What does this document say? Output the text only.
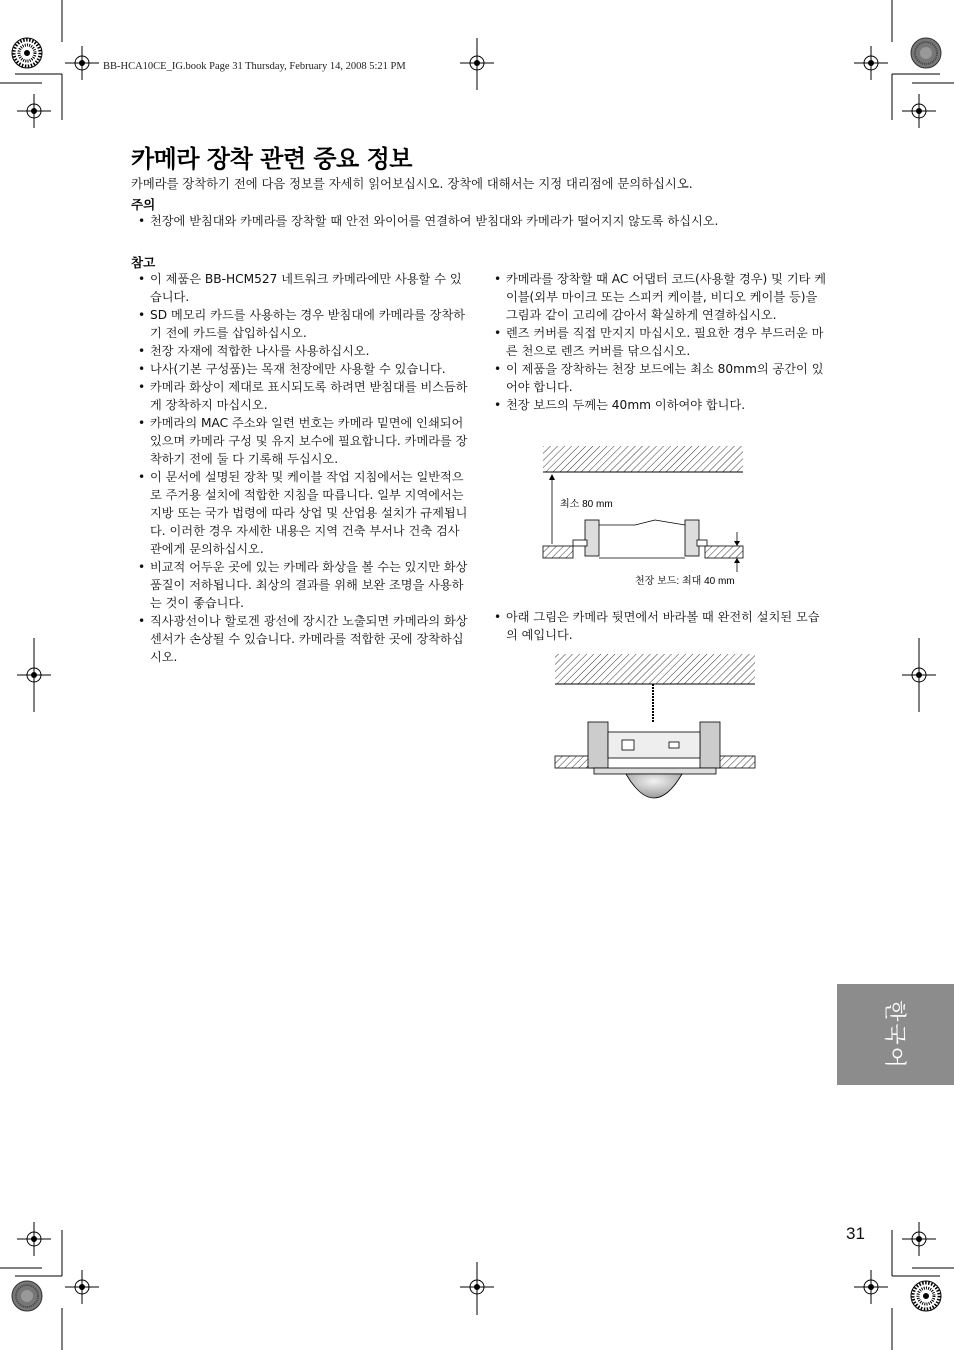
BB-HCA10CE_IG.book Page 31 Thursday, February 14, 2008 5:21 PM
카메라 장착 관련 중요 정보
카메라를 장착하기 전에 다음 정보를 자세히 읽어보십시오. 장착에 대해서는 지정 대리점에 문의하십시오.
주의
• 천장에 받침대와 카메라를 장착할 때 안전 와이어를 연결하여 받침대와 카메라가 떨어지지 않도록 하십시오.
참고
• 이 제품은 BB-HCM527 네트워크 카메라에만 사용할 수 있습니다.
• SD 메모리 카드를 사용하는 경우 받침대에 카메라를 장착하기 전에 카드를 삽입하십시오.
• 천장 자재에 적합한 나사를 사용하십시오.
• 나사(기본 구성품)는 목재 천장에만 사용할 수 있습니다.
• 카메라 화상이 제대로 표시되도록 하려면 받침대를 비스듬하게 장착하지 마십시오.
• 카메라의 MAC 주소와 일련 번호는 카메라 밑면에 인쇄되어 있으며 카메라 구성 및 유지 보수에 필요합니다. 카메라를 장착하기 전에 둘 다 기록해 두십시오.
• 이 문서에 설명된 장착 및 케이블 작업 지침에서는 일반적으로 주거용 설치에 적합한 지침을 따릅니다. 일부 지역에서는 지방 또는 국가 법령에 따라 상업 및 산업용 설치가 규제됩니다. 이러한 경우 자세한 내용은 지역 건축 부서나 건축 검사관에게 문의하십시오.
• 비교적 어두운 곳에 있는 카메라 화상을 볼 수는 있지만 화상 품질이 저하됩니다. 최상의 결과를 위해 보완 조명을 사용하는 것이 좋습니다.
• 직사광선이나 할로겐 광선에 장시간 노출되면 카메라의 화상 센서가 손상될 수 있습니다. 카메라를 적합한 곳에 장착하십시오.
• 카메라를 장착할 때 AC 어댑터 코드(사용할 경우) 및 기타 케이블(외부 마이크 또는 스피커 케이블, 비디오 케이블 등)을 그림과 같이 고리에 감아서 확실하게 연결하십시오.
• 렌즈 커버를 직접 만지지 마십시오. 필요한 경우 부드러운 마른 천으로 렌즈 커버를 닦으십시오.
• 이 제품을 장착하는 천장 보드에는 최소 80mm의 공간이 있어야 합니다.
• 천장 보드의 두께는 40mm 이하여야 합니다.
최소 80 mm
천장 보드: 최대 40 mm
• 아래 그림은 카메라 뒷면에서 바라볼 때 완전히 설치된 모습의 예입니다.
한국어
31
